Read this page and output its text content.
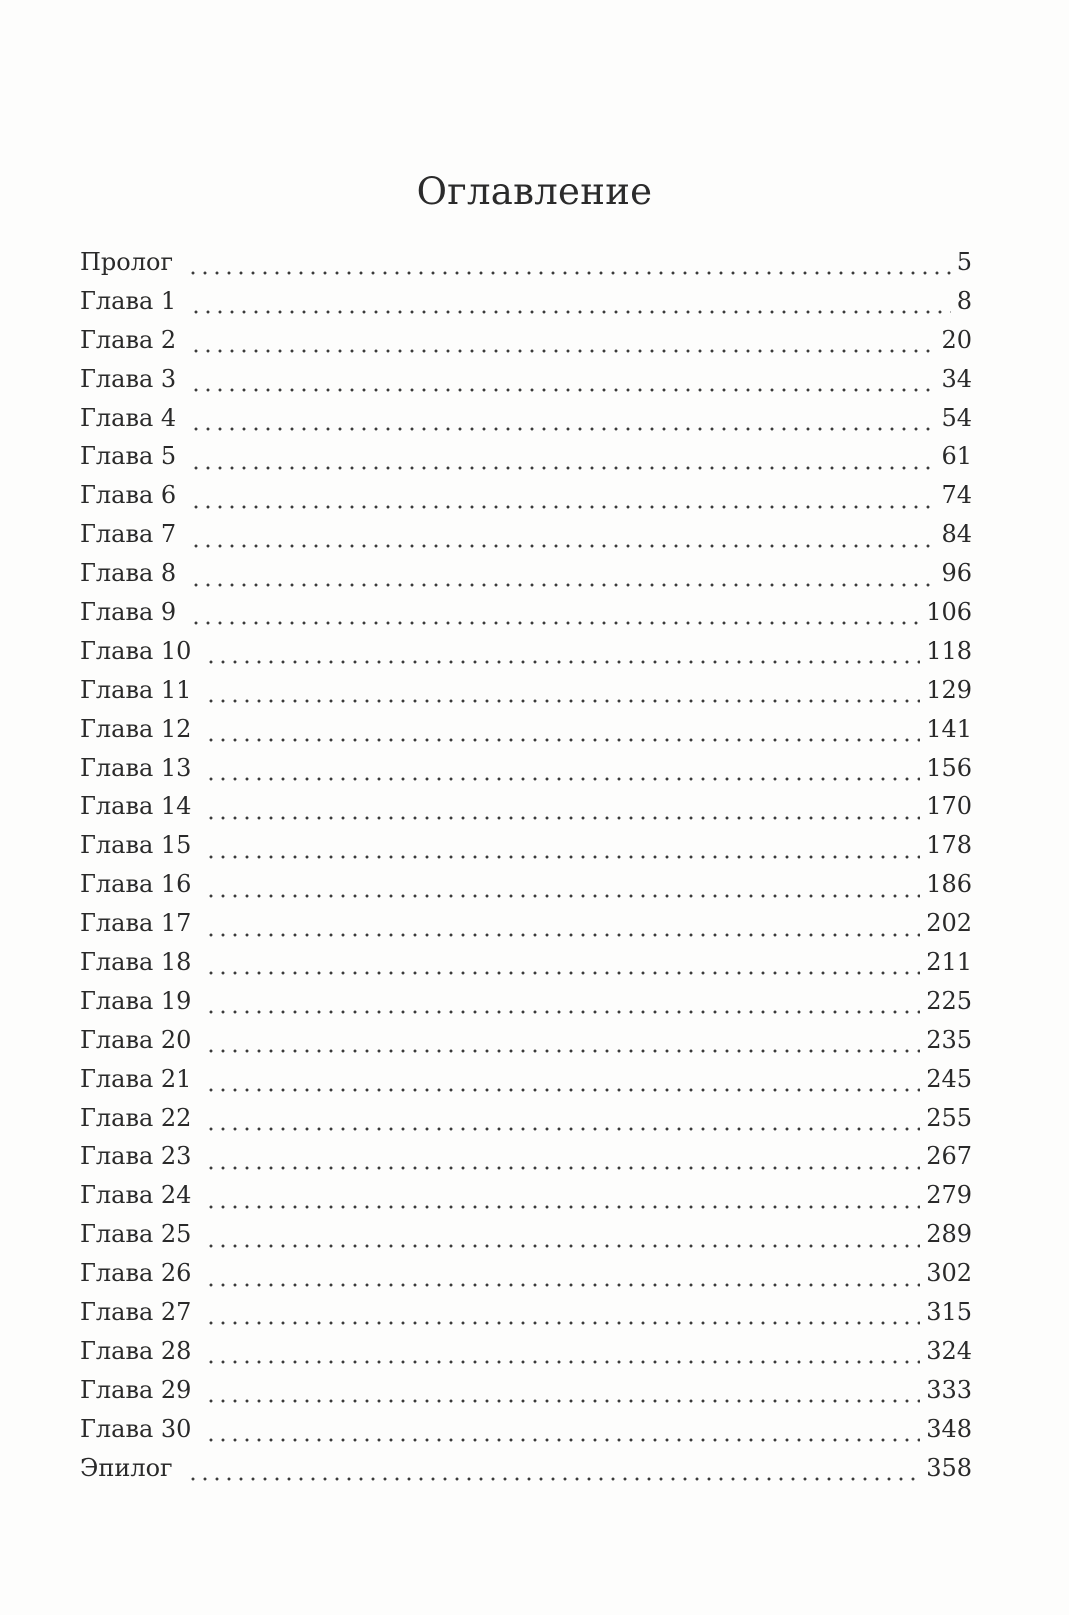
Оглавление
Пролог	5
Глава 1	8
Глава 2	20
Глава 3	34
Глава 4	54
Глава 5	61
Глава 6	74
Глава 7	84
Глава 8	96
Глава 9	106
Глава 10	118
Глава 11	129
Глава 12	141
Глава 13	156
Глава 14	170
Глава 15	178
Глава 16	186
Глава 17	202
Глава 18	211
Глава 19	225
Глава 20	235
Глава 21	245
Глава 22	255
Глава 23	267
Глава 24	279
Глава 25	289
Глава 26	302
Глава 27	315
Глава 28	324
Глава 29	333
Глава 30	348
Эпилог	358
